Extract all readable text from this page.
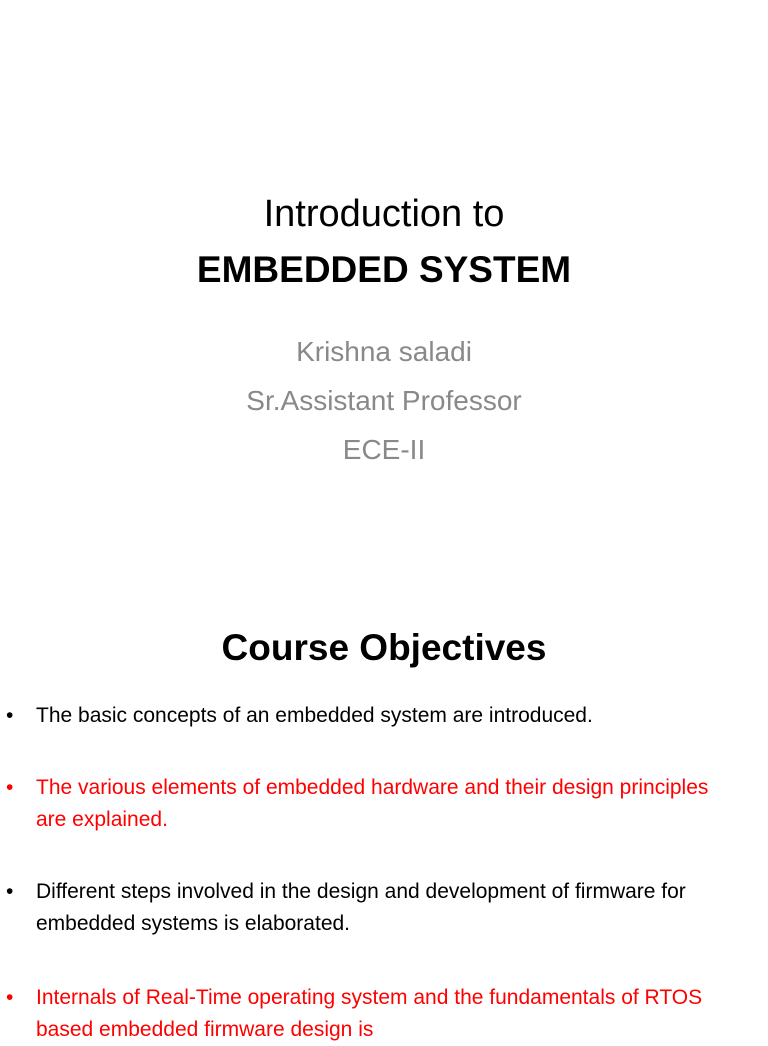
Introduction to
EMBEDDED SYSTEM
Krishna saladi
Sr.Assistant Professor
ECE-II
Course Objectives
•	The basic concepts of an embedded system are introduced.
•	The various elements of embedded hardware and their design principles are explained.
•	Different steps involved in the design and development of firmware for embedded systems is elaborated.
•	Internals of Real-Time operating system and the fundamentals of RTOS based embedded firmware design is
